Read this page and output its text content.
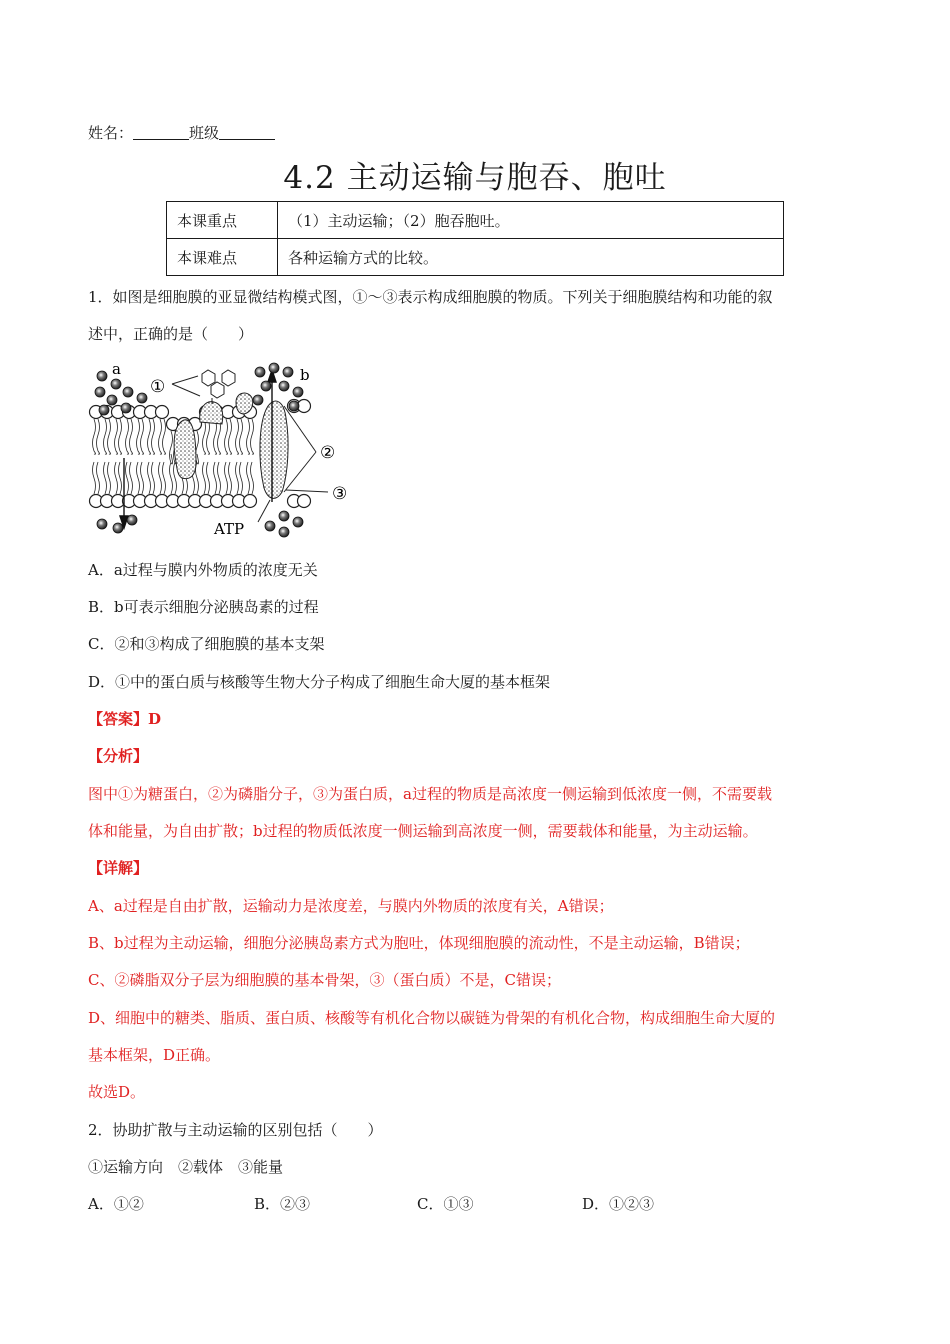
姓名：	班级
4.2 主动运输与胞吞、胞吐
本课重点	（1）主动运输；（2）胞吞胞吐。
本课难点	各种运输方式的比较。
1．如图是细胞膜的亚显微结构模式图，①～③表示构成细胞膜的物质。下列关于细胞膜结构和功能的叙
述中，正确的是（　　）
①
a	b
②
③
ATP
A．a过程与膜内外物质的浓度无关
B．b可表示细胞分泌胰岛素的过程
C．②和③构成了细胞膜的基本支架
D．①中的蛋白质与核酸等生物大分子构成了细胞生命大厦的基本框架
【答案】D
【分析】
图中①为糖蛋白，②为磷脂分子，③为蛋白质，a过程的物质是高浓度一侧运输到低浓度一侧，不需要载
体和能量，为自由扩散；b过程的物质低浓度一侧运输到高浓度一侧，需要载体和能量，为主动运输。
【详解】
A、a过程是自由扩散，运输动力是浓度差，与膜内外物质的浓度有关，A错误；
B、b过程为主动运输，细胞分泌胰岛素方式为胞吐，体现细胞膜的流动性，不是主动运输，B错误；
C、②磷脂双分子层为细胞膜的基本骨架，③（蛋白质）不是，C错误；
D、细胞中的糖类、脂质、蛋白质、核酸等有机化合物以碳链为骨架的有机化合物，构成细胞生命大厦的
基本框架，D正确。
故选D。
2．协助扩散与主动运输的区别包括（　　）
①运输方向　②载体　③能量
A．①②	B．②③	C．①③	D．①②③
